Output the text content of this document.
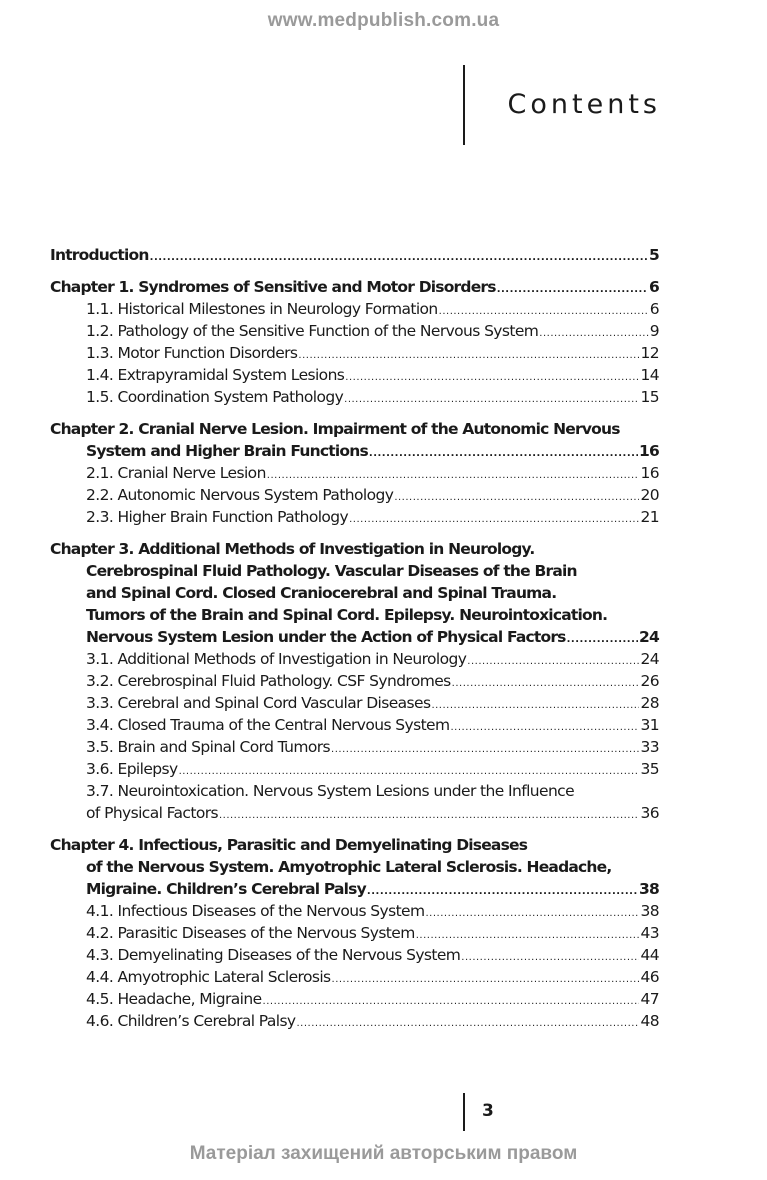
www.medpublish.com.ua
Contents
Introduction .....	5
Chapter 1. Syndromes of Sensitive and Motor Disorders .....	6
1.1. Historical Milestones in Neurology Formation .....	6
1.2. Pathology of the Sensitive Function of the Nervous System .....	9
1.3. Motor Function Disorders .....	12
1.4. Extrapyramidal System Lesions .....	14
1.5. Coordination System Pathology .....	15
Chapter 2. Cranial Nerve Lesion. Impairment of the Autonomic Nervous
System and Higher Brain Functions .....	16
2.1. Cranial Nerve Lesion .....	16
2.2. Autonomic Nervous System Pathology .....	20
2.3. Higher Brain Function Pathology .....	21
Chapter 3. Additional Methods of Investigation in Neurology.
Cerebrospinal Fluid Pathology. Vascular Diseases of the Brain
and Spinal Cord. Closed Craniocerebral and Spinal Trauma.
Tumors of the Brain and Spinal Cord. Epilepsy. Neurointoxication.
Nervous System Lesion under the Action of Physical Factors .....	24
3.1. Additional Methods of Investigation in Neurology .....	24
3.2. Cerebrospinal Fluid Pathology. CSF Syndromes .....	26
3.3. Cerebral and Spinal Cord Vascular Diseases .....	28
3.4. Closed Trauma of the Central Nervous System .....	31
3.5. Brain and Spinal Cord Tumors .....	33
3.6. Epilepsy .....	35
3.7. Neurointoxication. Nervous System Lesions under the Influence
of Physical Factors .....	36
Chapter 4. Infectious, Parasitic and Demyelinating Diseases
of the Nervous System. Amyotrophic Lateral Sclerosis. Headache,
Migraine. Children’s Cerebral Palsy .....	38
4.1. Infectious Diseases of the Nervous System .....	38
4.2. Parasitic Diseases of the Nervous System .....	43
4.3. Demyelinating Diseases of the Nervous System .....	44
4.4. Amyotrophic Lateral Sclerosis .....	46
4.5. Headache, Migraine .....	47
4.6. Children’s Cerebral Palsy .....	48
3
Матеріал захищений авторським правом
